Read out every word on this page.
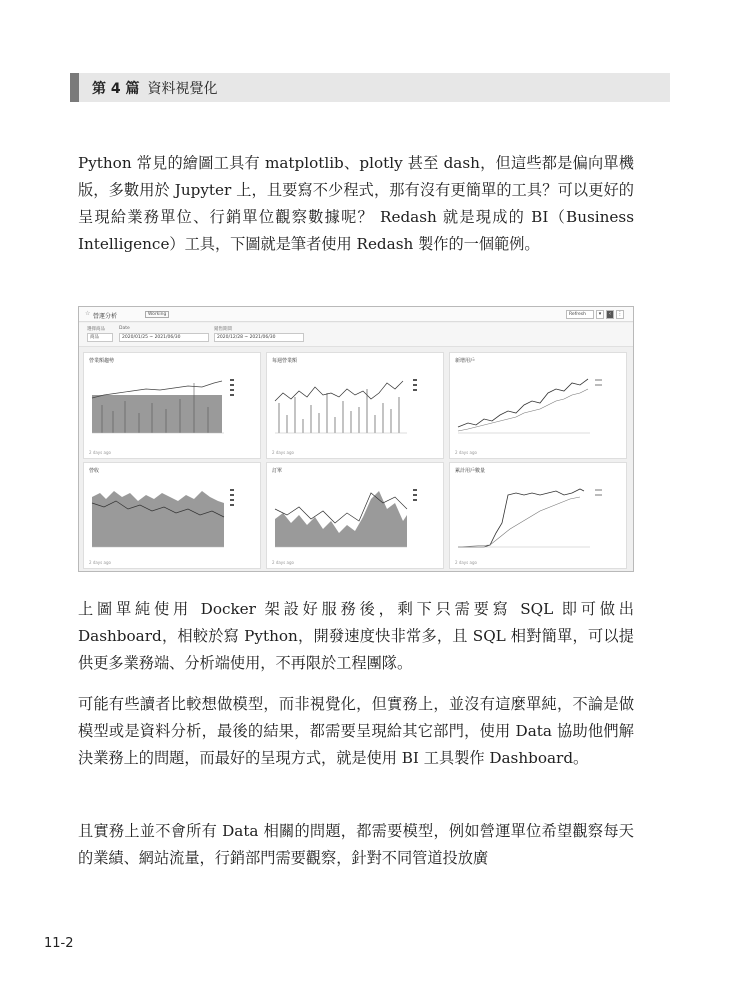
第 4 篇 資料視覺化

Python 常見的繪圖工具有 matplotlib、plotly 甚至 dash，但這些都是偏向單機版，多數用於 Jupyter 上，且要寫不少程式，那有沒有更簡單的工具？可以更好的呈現給業務單位、行銷單位觀察數據呢？ Redash 就是現成的 BI（Business Intelligence）工具，下圖就是筆者使用 Redash 製作的一個範例。

☆ 營運分析	Working	Refresh	▾	‹	⋮
選擇商品
商品
Date
2020/01/25 ~ 2021/06/30
銷售期間
2020/12/28 ~ 2021/06/30
營業額趨勢
2 days ago
每週營業額
2 days ago
新增用戶
2 days ago
營收
2 days ago
訂單
2 days ago
累計用戶數量
2 days ago

上圖單純使用 Docker 架設好服務後，剩下只需要寫 SQL 即可做出 Dashboard，相較於寫 Python，開發速度快非常多，且 SQL 相對簡單，可以提供更多業務端、分析端使用，不再限於工程團隊。

可能有些讀者比較想做模型，而非視覺化，但實務上，並沒有這麼單純，不論是做模型或是資料分析，最後的結果，都需要呈現給其它部門，使用 Data 協助他們解決業務上的問題，而最好的呈現方式，就是使用 BI 工具製作 Dashboard。

且實務上並不會所有 Data 相關的問題，都需要模型，例如營運單位希望觀察每天的業績、網站流量，行銷部門需要觀察，針對不同管道投放廣

11-2
